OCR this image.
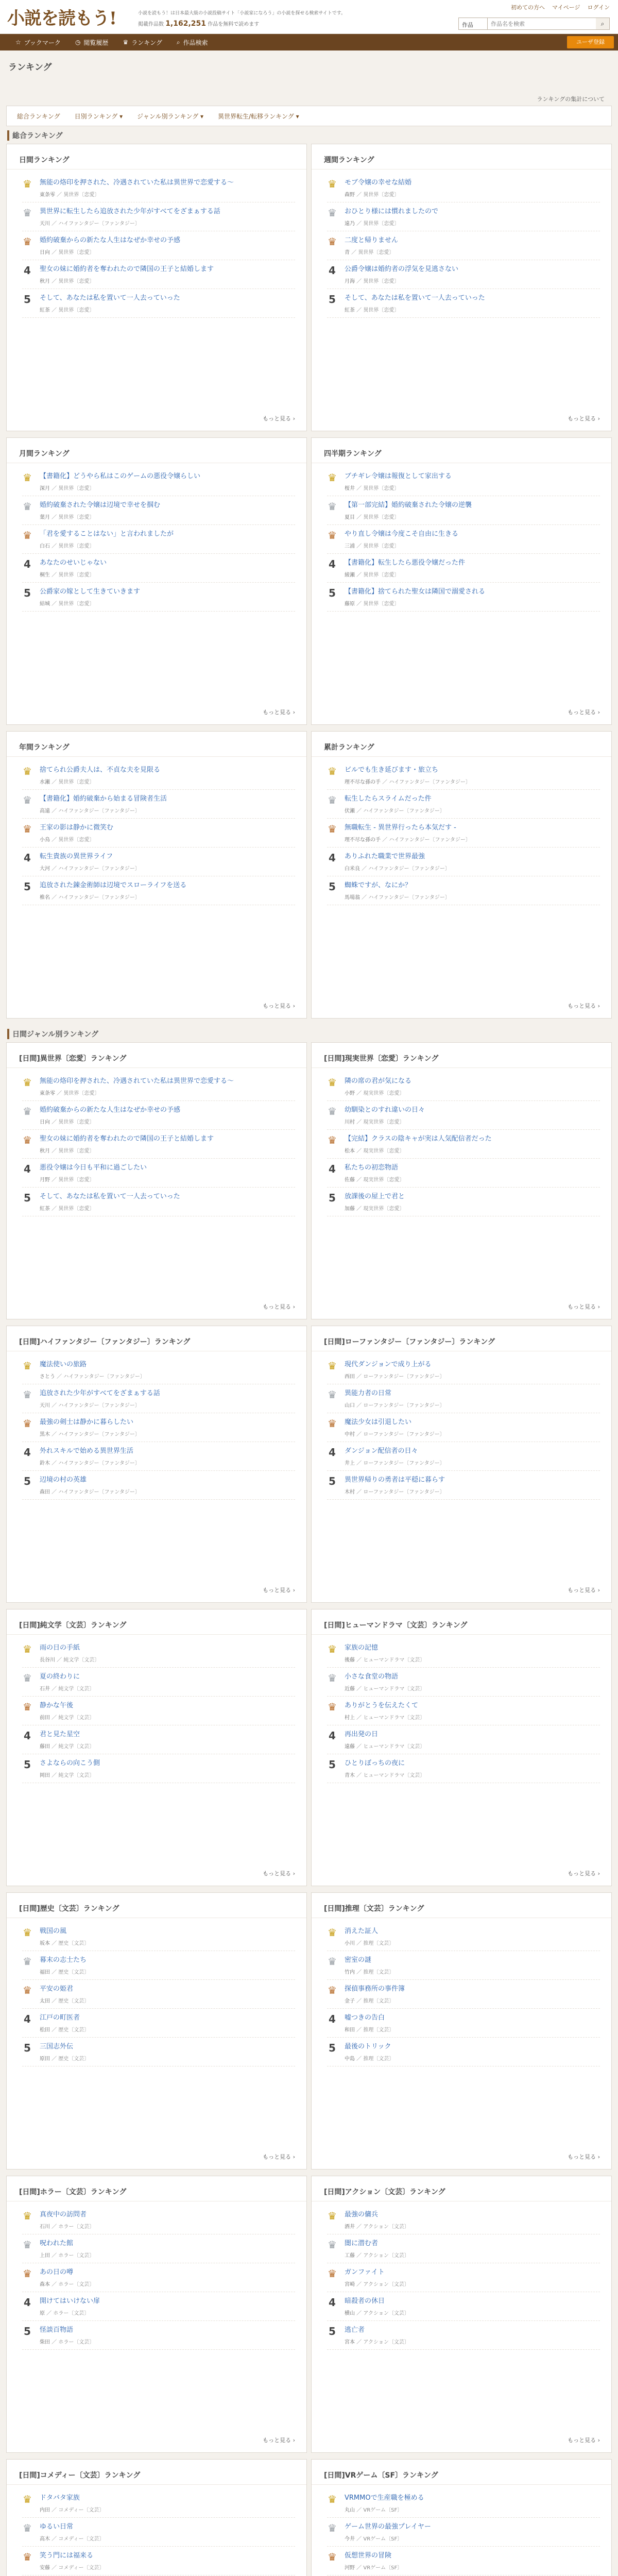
小説を読もう!	小説を読もう！は日本最大級の小説投稿サイト「小説家になろう」の小説を探せる検索サイトです。
掲載作品数 1,162,251 作品を無料で読めます
初めての方へ マイページ ログイン
作品
作品名を検索	⌕
☆ ブックマーク ◷ 閲覧履歴 ♛ ランキング ⌕ 作品検索	ユーザ登録
ランキング
ランキングの集計について
総合ランキング 日別ランキング ▾ ジャンル別ランキング ▾ 異世界転生/転移ランキング ▾
総合ランキング
日間ランキング
♛ 無能の烙印を押された、冷遇されていた私は異世界で恋愛する～
東条零 ／ 異世界〔恋愛〕
♛ 異世界に転生したら追放された少年がすべてをざまぁする話
天川 ／ ハイファンタジー〔ファンタジー〕
♛ 婚約破棄からの新たな人生はなぜか幸せの予感
日向 ／ 異世界〔恋愛〕
4 聖女の妹に婚約者を奪われたので隣国の王子と結婚します
秋月 ／ 異世界〔恋愛〕
5 そして、あなたは私を置いて一人去っていった
紅茶 ／ 異世界〔恋愛〕
もっと見る ›
週間ランキング
♛ モブ令嬢の幸せな結婚
森野 ／ 異世界〔恋愛〕
♛ おひとり様には慣れましたので
遠乃 ／ 異世界〔恋愛〕
♛ 二度と帰りません
青 ／ 異世界〔恋愛〕
4 公爵令嬢は婚約者の浮気を見逃さない
月海 ／ 異世界〔恋愛〕
5 そして、あなたは私を置いて一人去っていった
紅茶 ／ 異世界〔恋愛〕
もっと見る ›
月間ランキング
♛ 【書籍化】どうやら私はこのゲームの悪役令嬢らしい
深月 ／ 異世界〔恋愛〕
♛ 婚約破棄された令嬢は辺境で幸せを掴む
葉月 ／ 異世界〔恋愛〕
♛ 「君を愛することはない」と言われましたが
白石 ／ 異世界〔恋愛〕
4 あなたのせいじゃない
桐生 ／ 異世界〔恋愛〕
5 公爵家の嫁として生きていきます
結城 ／ 異世界〔恋愛〕
もっと見る ›
四半期ランキング
♛ ブチギレ令嬢は報復として家出する
桜井 ／ 異世界〔恋愛〕
♛ 【第一部完結】婚約破棄された令嬢の逆襲
夏目 ／ 異世界〔恋愛〕
♛ やり直し令嬢は今度こそ自由に生きる
三浦 ／ 異世界〔恋愛〕
4 【書籍化】転生したら悪役令嬢だった件
綾瀬 ／ 異世界〔恋愛〕
5 【書籍化】捨てられた聖女は隣国で溺愛される
藤原 ／ 異世界〔恋愛〕
もっと見る ›
年間ランキング
♛ 捨てられ公爵夫人は、不貞な夫を見限る
水瀬 ／ 異世界〔恋愛〕
♛ 【書籍化】婚約破棄から始まる冒険者生活
高遠 ／ ハイファンタジー〔ファンタジー〕
♛ 王家の影は静かに微笑む
小鳥 ／ 異世界〔恋愛〕
4 転生貴族の異世界ライフ
大河 ／ ハイファンタジー〔ファンタジー〕
5 追放された錬金術師は辺境でスローライフを送る
椎名 ／ ハイファンタジー〔ファンタジー〕
もっと見る ›
累計ランキング
♛ ビルでも生き延びます・旅立ち
理不尽な孫の手 ／ ハイファンタジー〔ファンタジー〕
♛ 転生したらスライムだった件
伏瀬 ／ ハイファンタジー〔ファンタジー〕
♛ 無職転生 - 異世界行ったら本気だす -
理不尽な孫の手 ／ ハイファンタジー〔ファンタジー〕
4 ありふれた職業で世界最強
白米良 ／ ハイファンタジー〔ファンタジー〕
5 蜘蛛ですが、なにか？
馬場翁 ／ ハイファンタジー〔ファンタジー〕
もっと見る ›
日間ジャンル別ランキング
[日間]異世界〔恋愛〕ランキング
♛ 無能の烙印を押された、冷遇されていた私は異世界で恋愛する～
東条零 ／ 異世界〔恋愛〕
♛ 婚約破棄からの新たな人生はなぜか幸せの予感
日向 ／ 異世界〔恋愛〕
♛ 聖女の妹に婚約者を奪われたので隣国の王子と結婚します
秋月 ／ 異世界〔恋愛〕
4 悪役令嬢は今日も平和に過ごしたい
月野 ／ 異世界〔恋愛〕
5 そして、あなたは私を置いて一人去っていった
紅茶 ／ 異世界〔恋愛〕
もっと見る ›
[日間]現実世界〔恋愛〕ランキング
♛ 隣の席の君が気になる
小野 ／ 現実世界〔恋愛〕
♛ 幼馴染とのすれ違いの日々
川村 ／ 現実世界〔恋愛〕
♛ 【完結】クラスの陰キャが実は人気配信者だった
松本 ／ 現実世界〔恋愛〕
4 私たちの初恋物語
佐藤 ／ 現実世界〔恋愛〕
5 放課後の屋上で君と
加藤 ／ 現実世界〔恋愛〕
もっと見る ›
[日間]ハイファンタジー〔ファンタジー〕ランキング
♛ 魔法使いの旅路
さとう ／ ハイファンタジー〔ファンタジー〕
♛ 追放された少年がすべてをざまぁする話
天川 ／ ハイファンタジー〔ファンタジー〕
♛ 最強の剣士は静かに暮らしたい
黒木 ／ ハイファンタジー〔ファンタジー〕
4 外れスキルで始める異世界生活
鈴木 ／ ハイファンタジー〔ファンタジー〕
5 辺境の村の英雄
森田 ／ ハイファンタジー〔ファンタジー〕
もっと見る ›
[日間]ローファンタジー〔ファンタジー〕ランキング
♛ 現代ダンジョンで成り上がる
西田 ／ ローファンタジー〔ファンタジー〕
♛ 異能力者の日常
山口 ／ ローファンタジー〔ファンタジー〕
♛ 魔法少女は引退したい
中村 ／ ローファンタジー〔ファンタジー〕
4 ダンジョン配信者の日々
井上 ／ ローファンタジー〔ファンタジー〕
5 異世界帰りの勇者は平穏に暮らす
木村 ／ ローファンタジー〔ファンタジー〕
もっと見る ›
[日間]純文学〔文芸〕ランキング
♛ 雨の日の手紙
長谷川 ／ 純文学〔文芸〕
♛ 夏の終わりに
石井 ／ 純文学〔文芸〕
♛ 静かな午後
前田 ／ 純文学〔文芸〕
4 君と見た星空
藤田 ／ 純文学〔文芸〕
5 さよならの向こう側
岡田 ／ 純文学〔文芸〕
もっと見る ›
[日間]ヒューマンドラマ〔文芸〕ランキング
♛ 家族の記憶
後藤 ／ ヒューマンドラマ〔文芸〕
♛ 小さな食堂の物語
近藤 ／ ヒューマンドラマ〔文芸〕
♛ ありがとうを伝えたくて
村上 ／ ヒューマンドラマ〔文芸〕
4 再出発の日
遠藤 ／ ヒューマンドラマ〔文芸〕
5 ひとりぼっちの夜に
青木 ／ ヒューマンドラマ〔文芸〕
もっと見る ›
[日間]歴史〔文芸〕ランキング
♛ 戦国の風
坂本 ／ 歴史〔文芸〕
♛ 幕末の志士たち
福田 ／ 歴史〔文芸〕
♛ 平安の姫君
太田 ／ 歴史〔文芸〕
4 江戸の町医者
松田 ／ 歴史〔文芸〕
5 三国志外伝
原田 ／ 歴史〔文芸〕
もっと見る ›
[日間]推理〔文芸〕ランキング
♛ 消えた証人
小川 ／ 推理〔文芸〕
♛ 密室の謎
竹内 ／ 推理〔文芸〕
♛ 探偵事務所の事件簿
金子 ／ 推理〔文芸〕
4 嘘つきの告白
和田 ／ 推理〔文芸〕
5 最後のトリック
中島 ／ 推理〔文芸〕
もっと見る ›
[日間]ホラー〔文芸〕ランキング
♛ 真夜中の訪問者
石川 ／ ホラー〔文芸〕
♛ 呪われた館
上田 ／ ホラー〔文芸〕
♛ あの日の噂
森本 ／ ホラー〔文芸〕
4 開けてはいけない扉
原 ／ ホラー〔文芸〕
5 怪談百物語
柴田 ／ ホラー〔文芸〕
もっと見る ›
[日間]アクション〔文芸〕ランキング
♛ 最強の傭兵
酒井 ／ アクション〔文芸〕
♛ 闇に潜む者
工藤 ／ アクション〔文芸〕
♛ ガンファイト
宮崎 ／ アクション〔文芸〕
4 暗殺者の休日
横山 ／ アクション〔文芸〕
5 逃亡者
宮本 ／ アクション〔文芸〕
もっと見る ›
[日間]コメディー〔文芸〕ランキング
♛ ドタバタ家族
内田 ／ コメディー〔文芸〕
♛ ゆるい日常
高木 ／ コメディー〔文芸〕
♛ 笑う門には福来る
安藤 ／ コメディー〔文芸〕
[日間]VRゲーム〔SF〕ランキング
♛ VRMMOで生産職を極める
丸山 ／ VRゲーム〔SF〕
♛ ゲーム世界の最強プレイヤー
今井 ／ VRゲーム〔SF〕
♛ 仮想世界の冒険
河野 ／ VRゲーム〔SF〕
